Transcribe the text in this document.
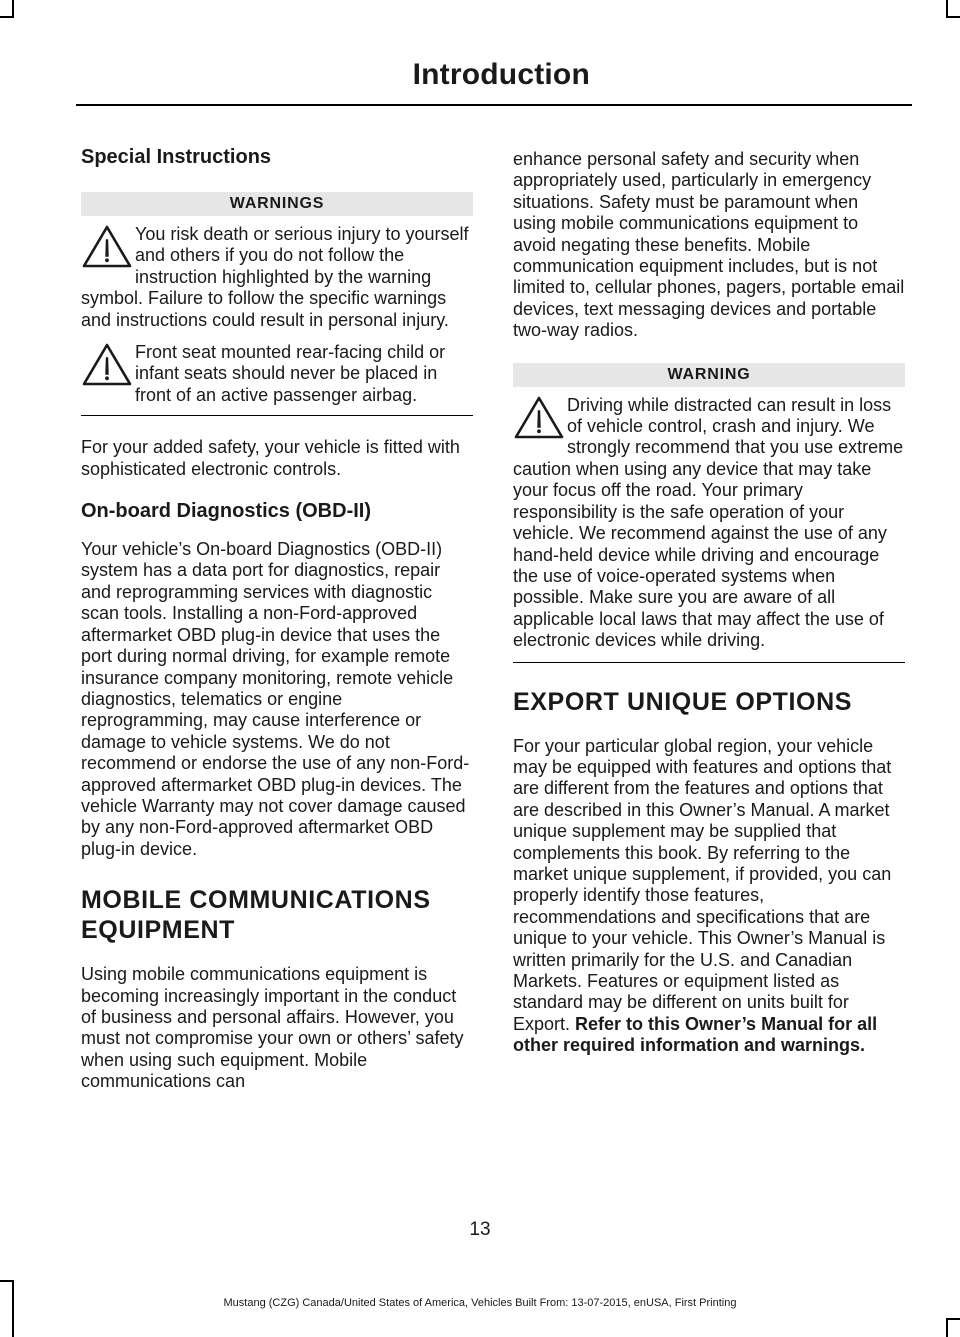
Introduction
Special Instructions
WARNINGS

You risk death or serious injury to yourself and others if you do not follow the instruction highlighted by the warning symbol. Failure to follow the specific warnings and instructions could result in personal injury.

Front seat mounted rear-facing child or infant seats should never be placed in front of an active passenger airbag.

For your added safety, your vehicle is fitted with sophisticated electronic controls.

On-board Diagnostics (OBD-II)

Your vehicle’s On-board Diagnostics (OBD-II) system has a data port for diagnostics, repair and reprogramming services with diagnostic scan tools. Installing a non-Ford-approved aftermarket OBD plug-in device that uses the port during normal driving, for example remote insurance company monitoring, remote vehicle diagnostics, telematics or engine reprogramming, may cause interference or damage to vehicle systems. We do not recommend or endorse the use of any non-Ford-approved aftermarket OBD plug-in devices. The vehicle Warranty may not cover damage caused by any non-Ford-approved aftermarket OBD plug-in device.

MOBILE COMMUNICATIONS
EQUIPMENT

Using mobile communications equipment is becoming increasingly important in the conduct of business and personal affairs. However, you must not compromise your own or others’ safety when using such equipment. Mobile communications can

enhance personal safety and security when appropriately used, particularly in emergency situations. Safety must be paramount when using mobile communications equipment to avoid negating these benefits. Mobile communication equipment includes, but is not limited to, cellular phones, pagers, portable email devices, text messaging devices and portable two-way radios.

WARNING

Driving while distracted can result in loss of vehicle control, crash and injury. We strongly recommend that you use extreme caution when using any device that may take your focus off the road. Your primary responsibility is the safe operation of your vehicle. We recommend against the use of any hand-held device while driving and encourage the use of voice-operated systems when possible. Make sure you are aware of all applicable local laws that may affect the use of electronic devices while driving.

EXPORT UNIQUE OPTIONS

For your particular global region, your vehicle may be equipped with features and options that are different from the features and options that are described in this Owner’s Manual. A market unique supplement may be supplied that complements this book. By referring to the market unique supplement, if provided, you can properly identify those features, recommendations and specifications that are unique to your vehicle. This Owner’s Manual is written primarily for the U.S. and Canadian Markets. Features or equipment listed as standard may be different on units built for Export. Refer to this Owner’s Manual for all other required information and warnings.

13
Mustang (CZG) Canada/United States of America, Vehicles Built From: 13-07-2015, enUSA, First Printing
